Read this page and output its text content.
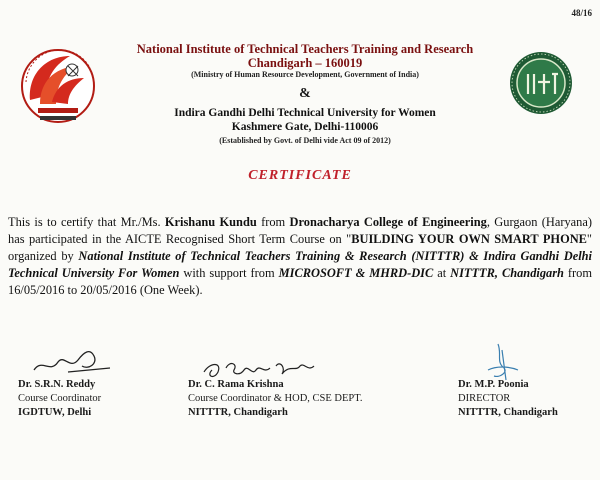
48/16
National Institute of Technical Teachers Training and Research
Chandigarh – 160019
(Ministry of Human Resource Development, Government of India)
&
Indira Gandhi Delhi Technical University for Women
Kashmere Gate, Delhi-110006
(Established by Govt. of Delhi vide Act 09 of 2012)
CERTIFICATE
This is to certify that Mr./Ms. Krishanu Kundu from Dronacharya College of Engineering, Gurgaon (Haryana) has participated in the AICTE Recognised Short Term Course on "BUILDING YOUR OWN SMART PHONE" organized by National Institute of Technical Teachers Training & Research (NITTTR) & Indira Gandhi Delhi Technical University For Women with support from MICROSOFT & MHRD-DIC at NITTTR, Chandigarh from 16/05/2016 to 20/05/2016 (One Week).
Dr. S.R.N. Reddy
Course Coordinator
IGDTUW, Delhi
Dr. C. Rama Krishna
Course Coordinator & HOD, CSE DEPT.
NITTTR, Chandigarh
Dr. M.P. Poonia
DIRECTOR
NITTTR, Chandigarh
